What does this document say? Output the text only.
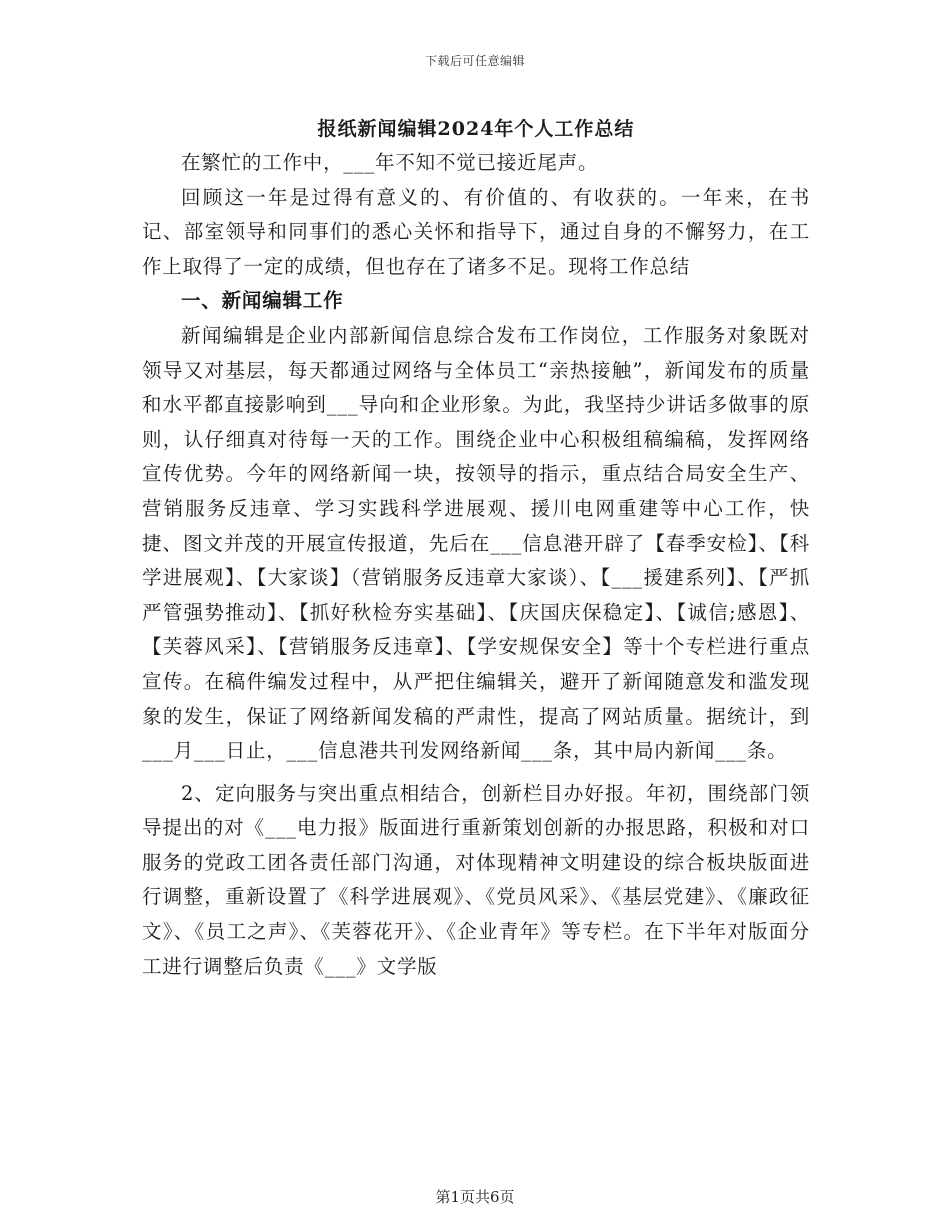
下载后可任意编辑
报纸新闻编辑2024年个人工作总结

在繁忙的工作中，___年不知不觉已接近尾声。

回顾这一年是过得有意义的、有价值的、有收获的。一年来，在书记、部室领导和同事们的悉心关怀和指导下，通过自身的不懈努力，在工作上取得了一定的成绩，但也存在了诸多不足。现将工作总结

一、新闻编辑工作

新闻编辑是企业内部新闻信息综合发布工作岗位，工作服务对象既对领导又对基层，每天都通过网络与全体员工“亲热接触”，新闻发布的质量和水平都直接影响到___导向和企业形象。为此，我坚持少讲话多做事的原则，认仔细真对待每一天的工作。围绕企业中心积极组稿编稿，发挥网络宣传优势。今年的网络新闻一块，按领导的指示，重点结合局安全生产、营销服务反违章、学习实践科学进展观、援川电网重建等中心工作，快捷、图文并茂的开展宣传报道，先后在___信息港开辟了【春季安检】、【科学进展观】、【大家谈】（营销服务反违章大家谈）、【___援建系列】、【严抓严管强势推动】、【抓好秋检夯实基础】、【庆国庆保稳定】、【诚信;感恩】、【芙蓉风采】、【营销服务反违章】、【学安规保安全】等十个专栏进行重点宣传。在稿件编发过程中，从严把住编辑关，避开了新闻随意发和滥发现象的发生，保证了网络新闻发稿的严肃性，提高了网站质量。据统计，到___月___日止，___信息港共刊发网络新闻___条，其中局内新闻___条。

2、定向服务与突出重点相结合，创新栏目办好报。年初，围绕部门领导提出的对《___电力报》版面进行重新策划创新的办报思路，积极和对口服务的党政工团各责任部门沟通，对体现精神文明建设的综合板块版面进行调整，重新设置了《科学进展观》、《党员风采》、《基层党建》、《廉政征文》、《员工之声》、《芙蓉花开》、《企业青年》等专栏。在下半年对版面分工进行调整后负责《___》文学版

第1页共6页
